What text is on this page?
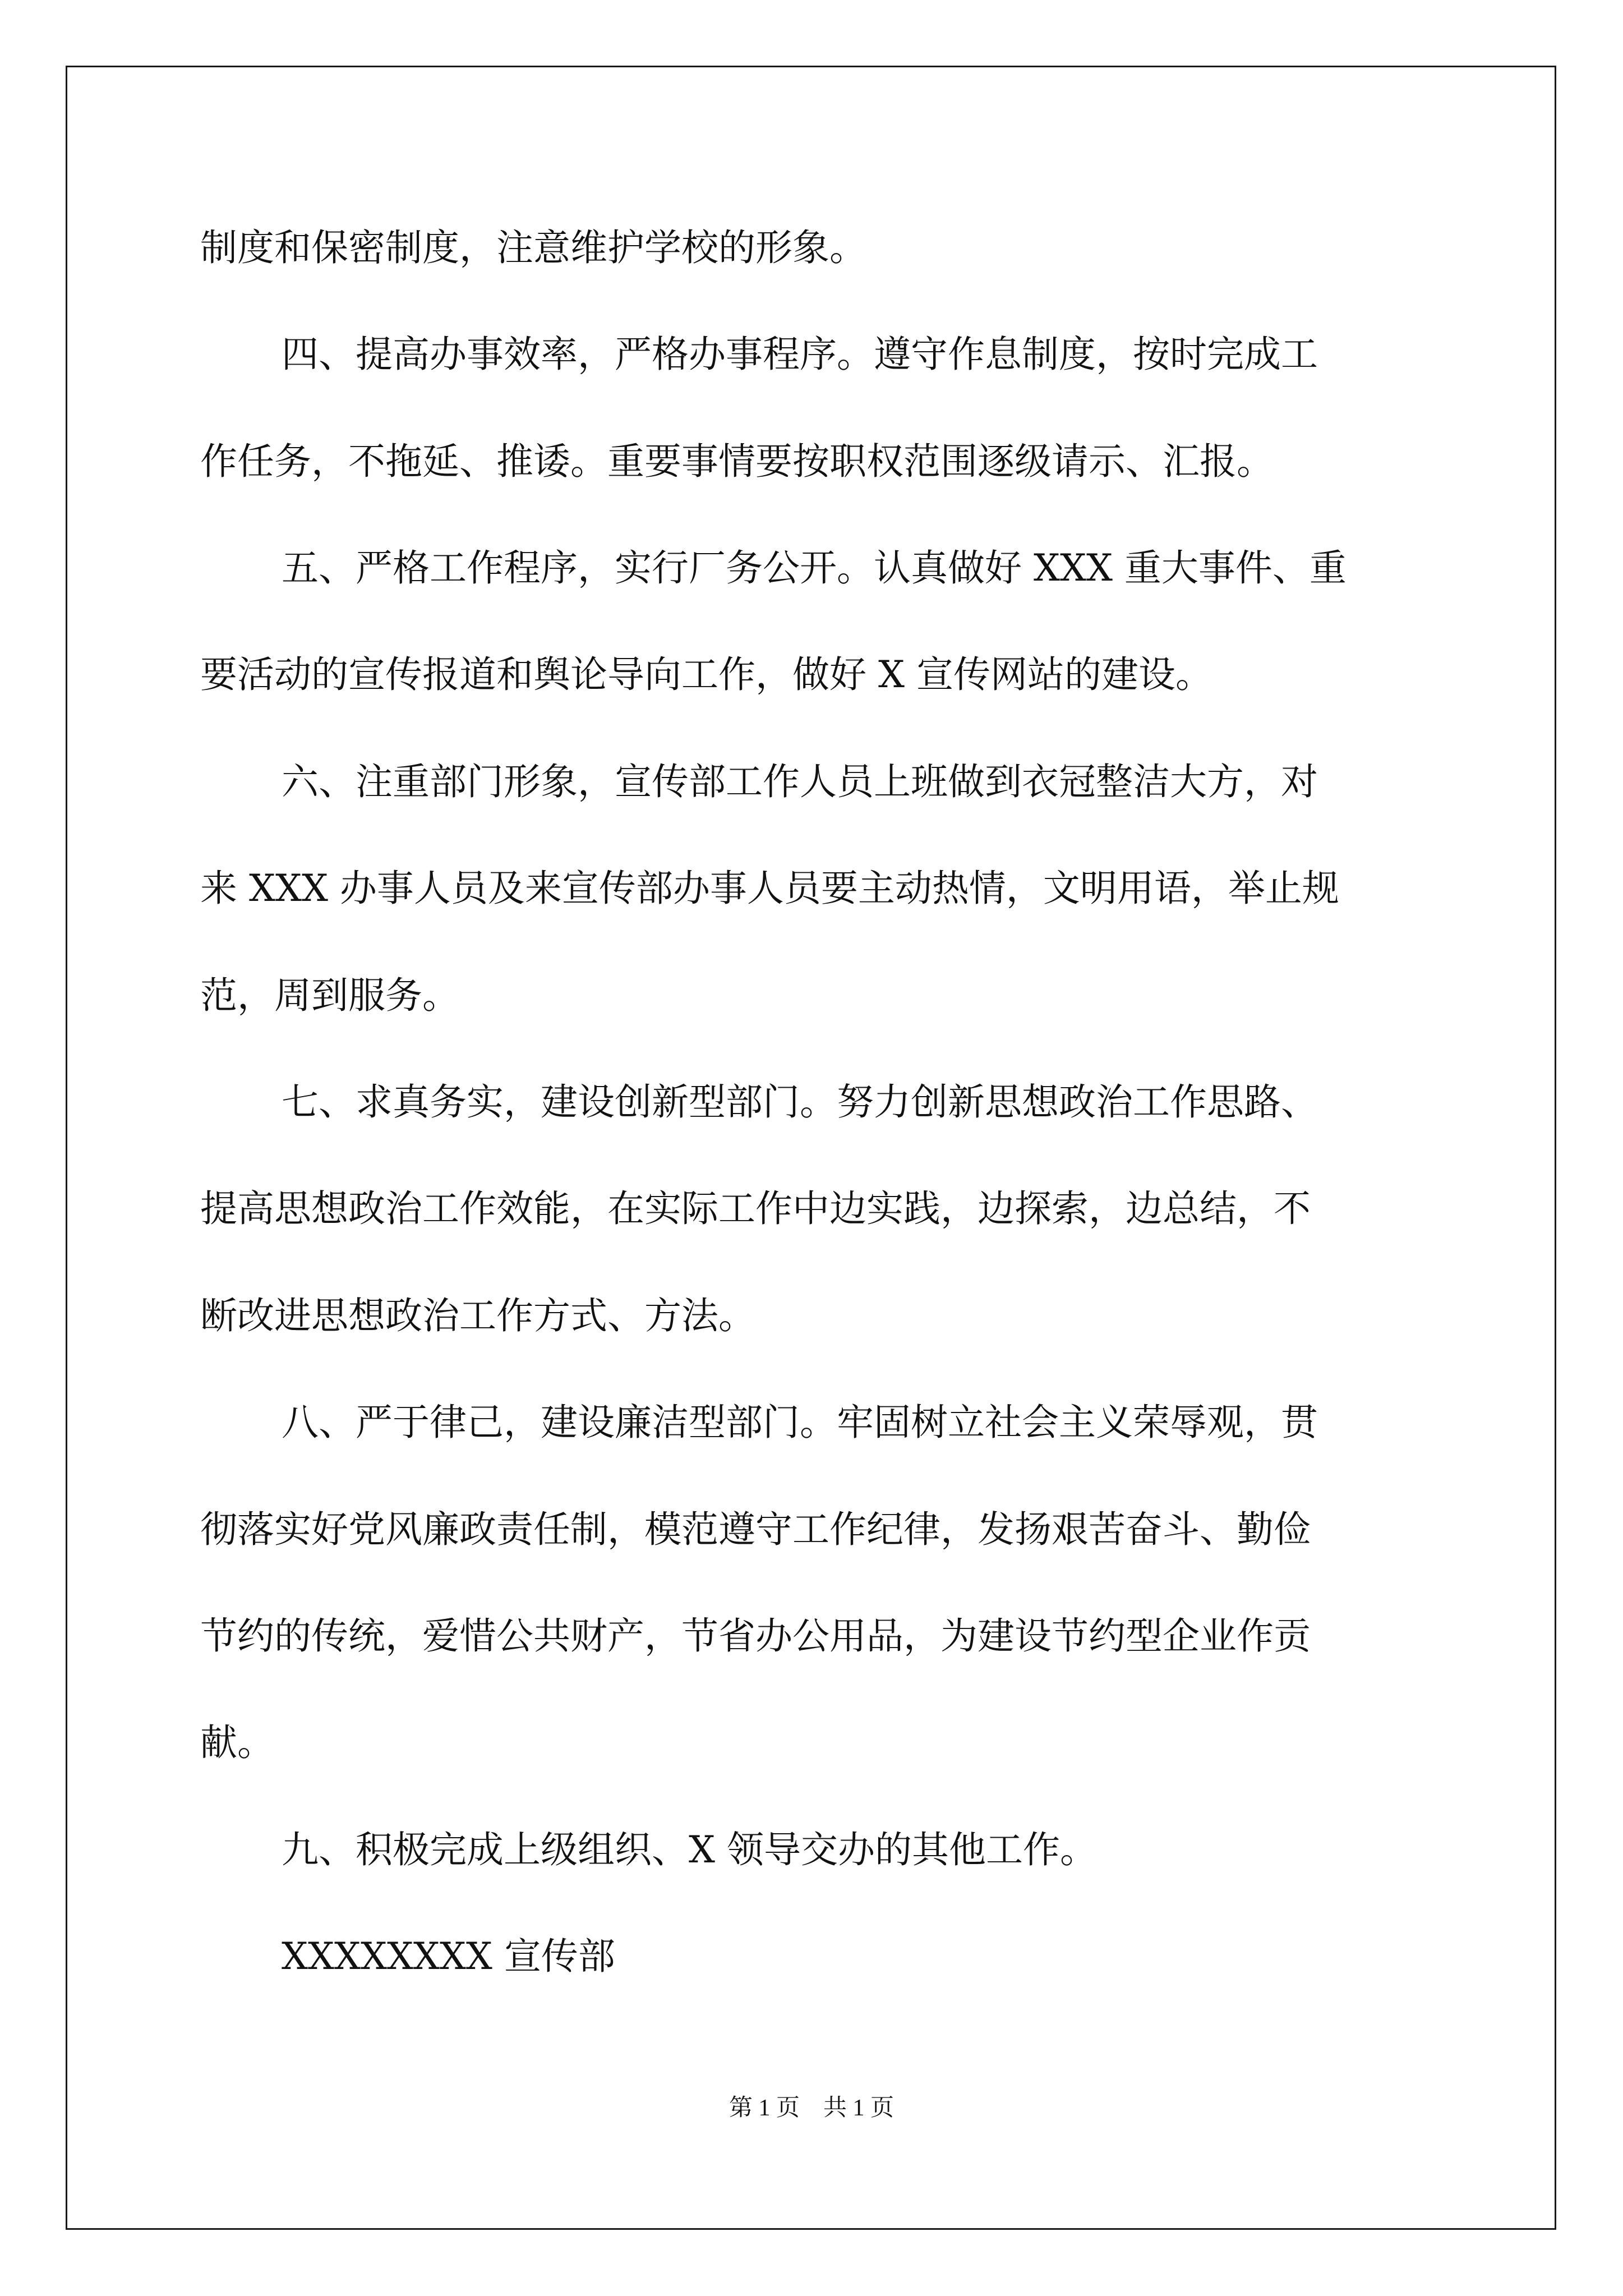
制度和保密制度，注意维护学校的形象。
四、提高办事效率，严格办事程序。遵守作息制度，按时完成工
作任务，不拖延、推诿。重要事情要按职权范围逐级请示、汇报。
五、严格工作程序，实行厂务公开。认真做好 XXX 重大事件、重
要活动的宣传报道和舆论导向工作，做好 X 宣传网站的建设。
六、注重部门形象，宣传部工作人员上班做到衣冠整洁大方，对
来 XXX 办事人员及来宣传部办事人员要主动热情，文明用语，举止规
范，周到服务。
七、求真务实，建设创新型部门。努力创新思想政治工作思路、
提高思想政治工作效能，在实际工作中边实践，边探索，边总结，不
断改进思想政治工作方式、方法。
八、严于律己，建设廉洁型部门。牢固树立社会主义荣辱观，贯
彻落实好党风廉政责任制，模范遵守工作纪律，发扬艰苦奋斗、勤俭
节约的传统，爱惜公共财产，节省办公用品，为建设节约型企业作贡
献。
九、积极完成上级组织、X 领导交办的其他工作。
XXXXXXXX 宣传部
第 1 页　共 1 页
